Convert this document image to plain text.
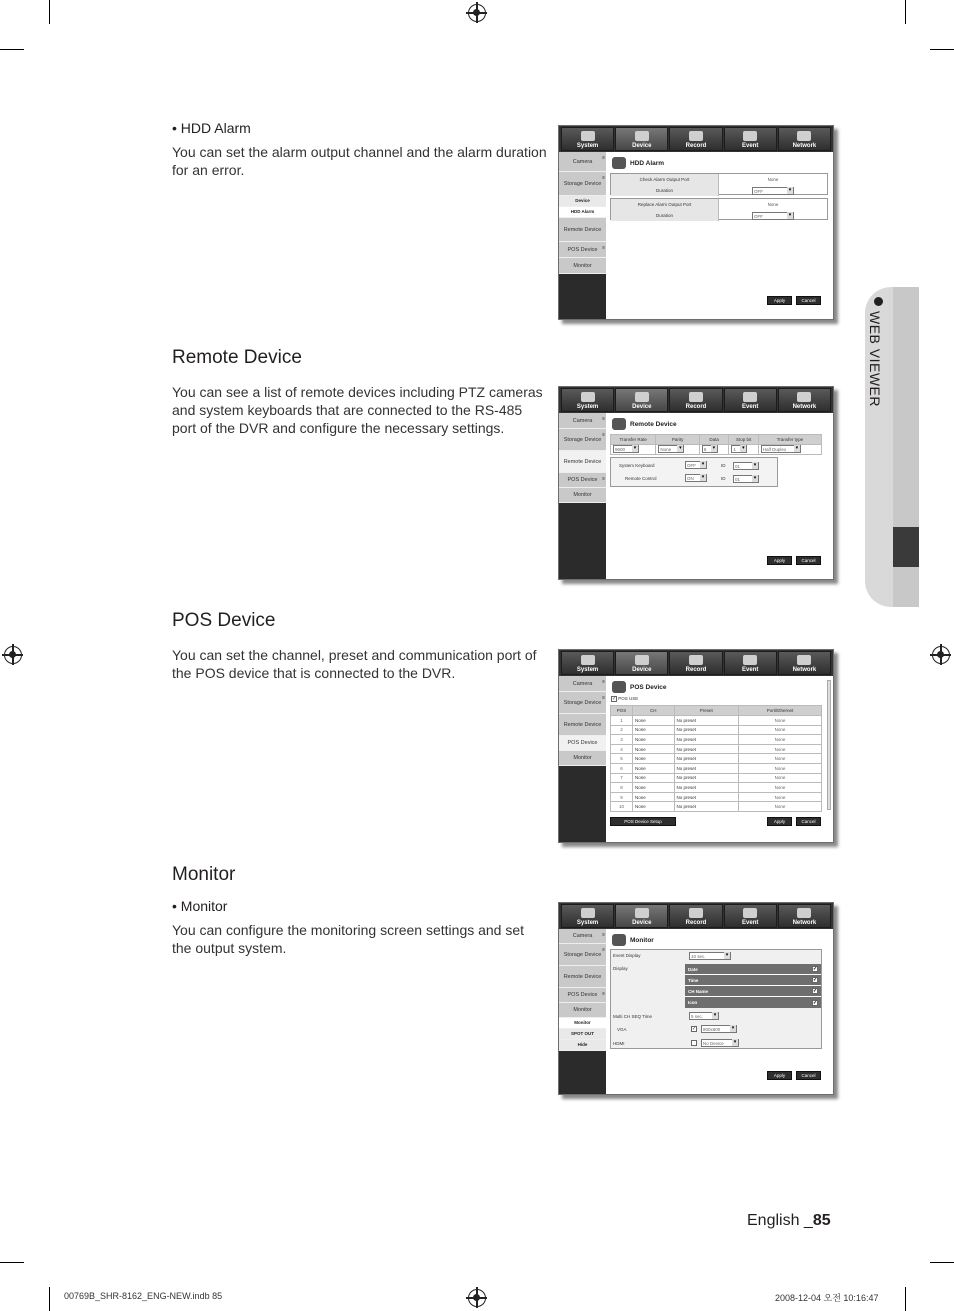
• HDD Alarm
You can set the alarm output channel and the alarm duration for an error.
Remote Device
You can see a list of remote devices including PTZ cameras and system keyboards that are connected to the RS-485 port of the DVR and configure the necessary settings.
POS Device
You can set the channel, preset and communication port of the POS device that is connected to the DVR.
Monitor
• Monitor
You can configure the monitoring screen settings and set the output system.
WEB VIEWER
System	Device	Record	Event	Network
Camera
≡
Storage Device
≡
Device
HDD Alarm
Remote Device
POS Device ≡
Monitor
HDD Alarm
Check Alarm Output Port	None
Duration	OFF ▾
Replace Alarm Output Port	None
Duration	OFF ▾
Apply	Cancel
System	Device	Record	Event	Network
Camera ≡
Storage Device
≡
Remote Device
POS Device ≡
Monitor
Remote Device
Transfer Rate	Parity	Data	Stop bit	Transfer type
9600 ▾	None ▾	8 ▾	1 ▾	Half Duplex ▾
System Keyboard	OFF ▾	ID	01 ▾
Remote Control	ON ▾	ID	01 ▾
Apply	Cancel
System	Device	Record	Event	Network
Camera ≡
Storage Device
≡
Remote Device
POS Device
Monitor
POS Device
✓ POS USE
POS	CH	Preset	Port/Ethernet
1	None	No preset	None
2	None	No preset	None
3	None	No preset	None
4	None	No preset	None
5	None	No preset	None
6	None	No preset	None
7	None	No preset	None
8	None	No preset	None
9	None	No preset	None
10	None	No preset	None
POS Device Setup	Apply	Cancel
System	Device	Record	Event	Network
Camera ≡
Storage Device
≡
Remote Device
POS Device ≡
Monitor
Monitor
SPOT OUT
Hide
Monitor
Event Display	10 sec. ▾
Display	Date	✓
Time	✓
CH Name	✓
Icon	✓
Multi CH SEQ Time	5 sec. ▾
VGA	✓	800x600 ▾
HDMI	No Device ▾
Apply	Cancel
English _85
00769B_SHR-8162_ENG-NEW.indb 85	2008-12-04 오전 10:16:47
